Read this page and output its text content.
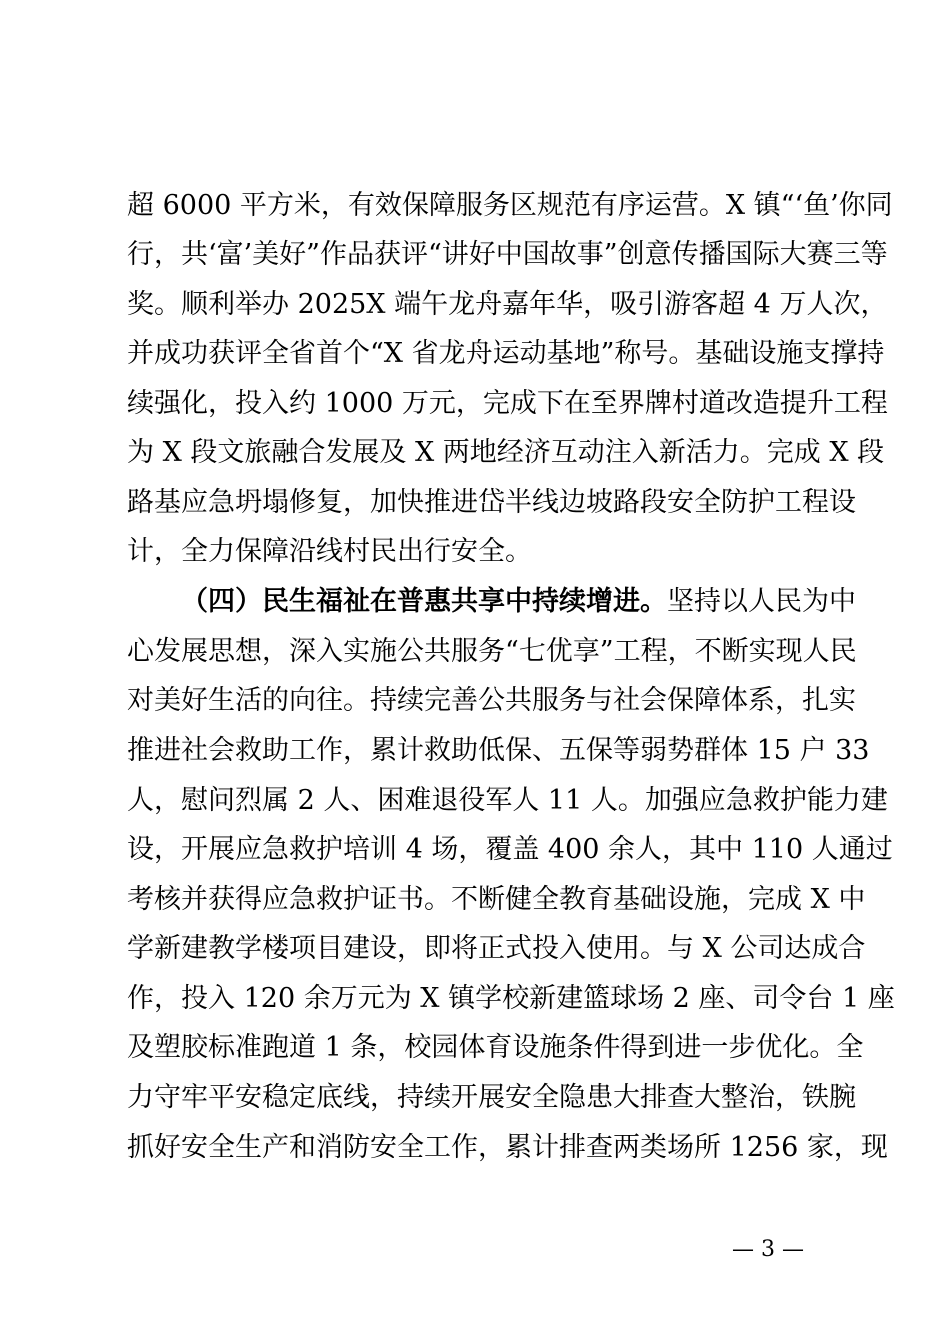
超 6000 平方米，有效保障服务区规范有序运营。X 镇“‘鱼’你同
行，共‘富’美好”作品获评“讲好中国故事”创意传播国际大赛三等
奖。顺利举办 2025X 端午龙舟嘉年华，吸引游客超 4 万人次，
并成功获评全省首个“X 省龙舟运动基地”称号。基础设施支撑持
续强化，投入约 1000 万元，完成下在至界牌村道改造提升工程
为 X 段文旅融合发展及 X 两地经济互动注入新活力。完成 X 段
路基应急坍塌修复，加快推进岱半线边坡路段安全防护工程设
计，全力保障沿线村民出行安全。
（四）民生福祉在普惠共享中持续增进。坚持以人民为中
心发展思想，深入实施公共服务“七优享”工程，不断实现人民
对美好生活的向往。持续完善公共服务与社会保障体系，扎实
推进社会救助工作，累计救助低保、五保等弱势群体 15 户 33
人，慰问烈属 2 人、困难退役军人 11 人。加强应急救护能力建
设，开展应急救护培训 4 场，覆盖 400 余人，其中 110 人通过
考核并获得应急救护证书。不断健全教育基础设施，完成 X 中
学新建教学楼项目建设，即将正式投入使用。与 X 公司达成合
作，投入 120 余万元为 X 镇学校新建篮球场 2 座、司令台 1 座
及塑胶标准跑道 1 条，校园体育设施条件得到进一步优化。全
力守牢平安稳定底线，持续开展安全隐患大排查大整治，铁腕
抓好安全生产和消防安全工作，累计排查两类场所 1256 家，现
— 3 —
